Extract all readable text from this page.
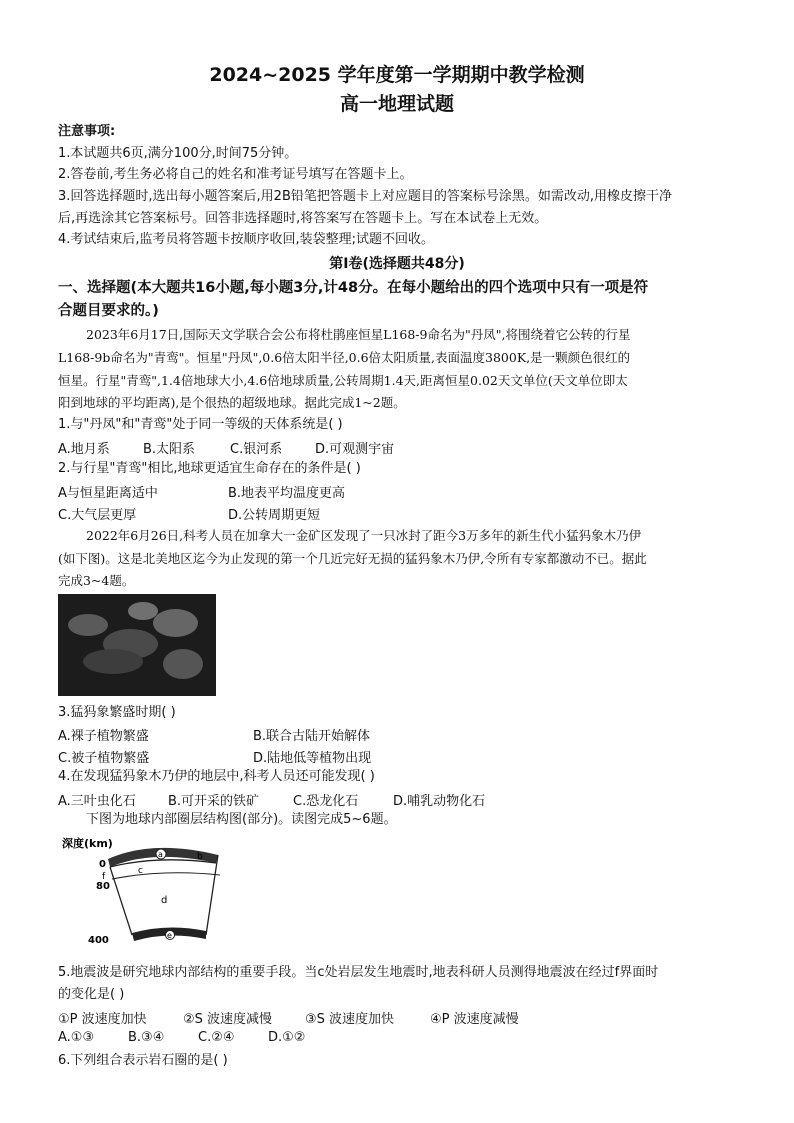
2024~2025 学年度第一学期期中教学检测
高一地理试题
注意事项:
1.本试题共6页,满分100分,时间75分钟。
2.答卷前,考生务必将自己的姓名和准考证号填写在答题卡上。
3.回答选择题时,选出每小题答案后,用2B铅笔把答题卡上对应题目的答案标号涂黑。如需改动,用橡皮擦干净
后,再选涂其它答案标号。回答非选择题时,将答案写在答题卡上。写在本试卷上无效。
4.考试结束后,监考员将答题卡按顺序收回,装袋整理;试题不回收。
第Ⅰ卷(选择题共48分)
一、选择题(本大题共16小题,每小题3分,计48分。在每小题给出的四个选项中只有一项是符
合题目要求的。)
2023年6月17日,国际天文学联合会公布将杜鹃座恒星L168-9命名为"丹凤",将围绕着它公转的行星
L168-9b命名为"青鸾"。恒星"丹凤",0.6倍太阳半径,0.6倍太阳质量,表面温度3800K,是一颗颜色很红的
恒星。行星"青鸾",1.4倍地球大小,4.6倍地球质量,公转周期1.4天,距离恒星0.02天文单位(天文单位即太
阳到地球的平均距离),是个很热的超级地球。据此完成1~2题。
1.与"丹凤"和"青鸾"处于同一等级的天体系统是( )
A.地月系	B.太阳系	C.银河系	D.可观测宇宙
2.与行星"青鸾"相比,地球更适宜生命存在的条件是( )
A与恒星距离适中	B.地表平均温度更高
C.大气层更厚	D.公转周期更短
2022年6月26日,科考人员在加拿大一金矿区发现了一只冰封了距今3万多年的新生代小猛犸象木乃伊
(如下图)。这是北美地区迄今为止发现的第一个几近完好无损的猛犸象木乃伊,令所有专家都激动不已。据此
完成3~4题。
3.猛犸象繁盛时期( )
A.裸子植物繁盛	B.联合古陆开始解体
C.被子植物繁盛	D.陆地低等植物出现
4.在发现猛犸象木乃伊的地层中,科考人员还可能发现( )
A.三叶虫化石 B.可开采的铁矿	C.恐龙化石	D.哺乳动物化石
下图为地球内部圈层结构图(部分)。读图完成5~6题。
深度(km)
0
80
400
a	b
c
f
d
e
5.地震波是研究地球内部结构的重要手段。当c处岩层发生地震时,地表科研人员测得地震波在经过f界面时
的变化是( )
①P 波速度加快	②S 波速度减慢	③S 波速度加快	④P 波速度减慢
A.①③	B.③④	C.②④	D.①②
6.下列组合表示岩石圈的是( )
